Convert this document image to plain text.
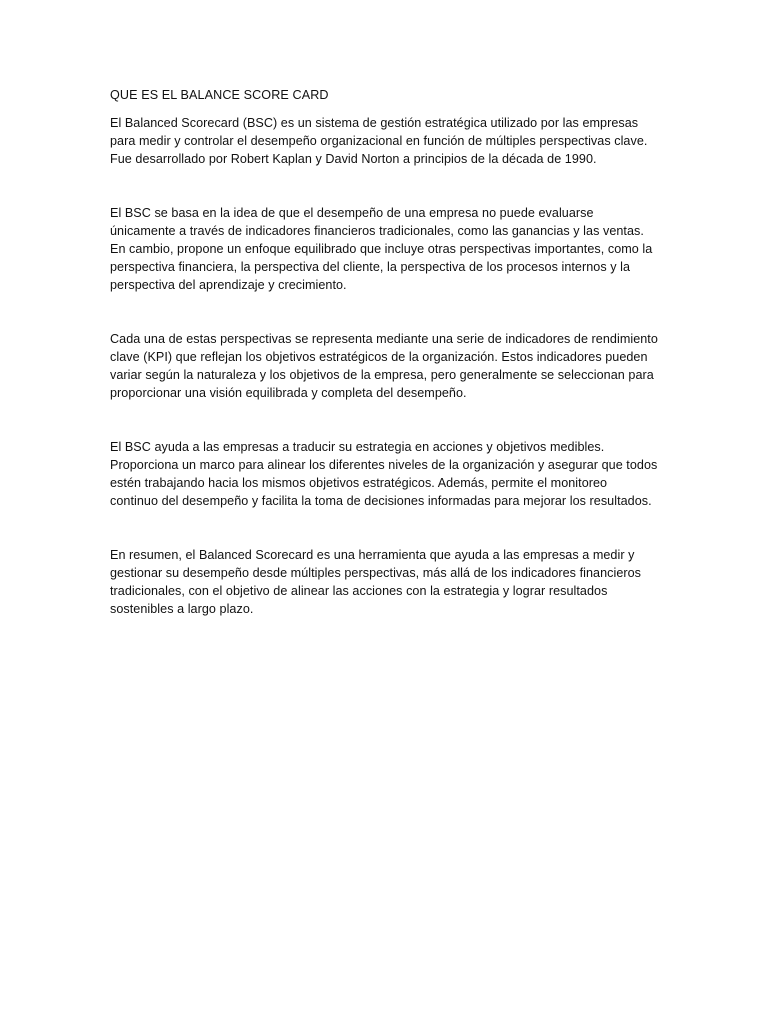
QUE ES EL BALANCE SCORE CARD

El Balanced Scorecard (BSC) es un sistema de gestión estratégica utilizado por las empresas para medir y controlar el desempeño organizacional en función de múltiples perspectivas clave. Fue desarrollado por Robert Kaplan y David Norton a principios de la década de 1990.

El BSC se basa en la idea de que el desempeño de una empresa no puede evaluarse únicamente a través de indicadores financieros tradicionales, como las ganancias y las ventas. En cambio, propone un enfoque equilibrado que incluye otras perspectivas importantes, como la perspectiva financiera, la perspectiva del cliente, la perspectiva de los procesos internos y la perspectiva del aprendizaje y crecimiento.

Cada una de estas perspectivas se representa mediante una serie de indicadores de rendimiento clave (KPI) que reflejan los objetivos estratégicos de la organización. Estos indicadores pueden variar según la naturaleza y los objetivos de la empresa, pero generalmente se seleccionan para proporcionar una visión equilibrada y completa del desempeño.

El BSC ayuda a las empresas a traducir su estrategia en acciones y objetivos medibles. Proporciona un marco para alinear los diferentes niveles de la organización y asegurar que todos estén trabajando hacia los mismos objetivos estratégicos. Además, permite el monitoreo continuo del desempeño y facilita la toma de decisiones informadas para mejorar los resultados.

En resumen, el Balanced Scorecard es una herramienta que ayuda a las empresas a medir y gestionar su desempeño desde múltiples perspectivas, más allá de los indicadores financieros tradicionales, con el objetivo de alinear las acciones con la estrategia y lograr resultados sostenibles a largo plazo.
